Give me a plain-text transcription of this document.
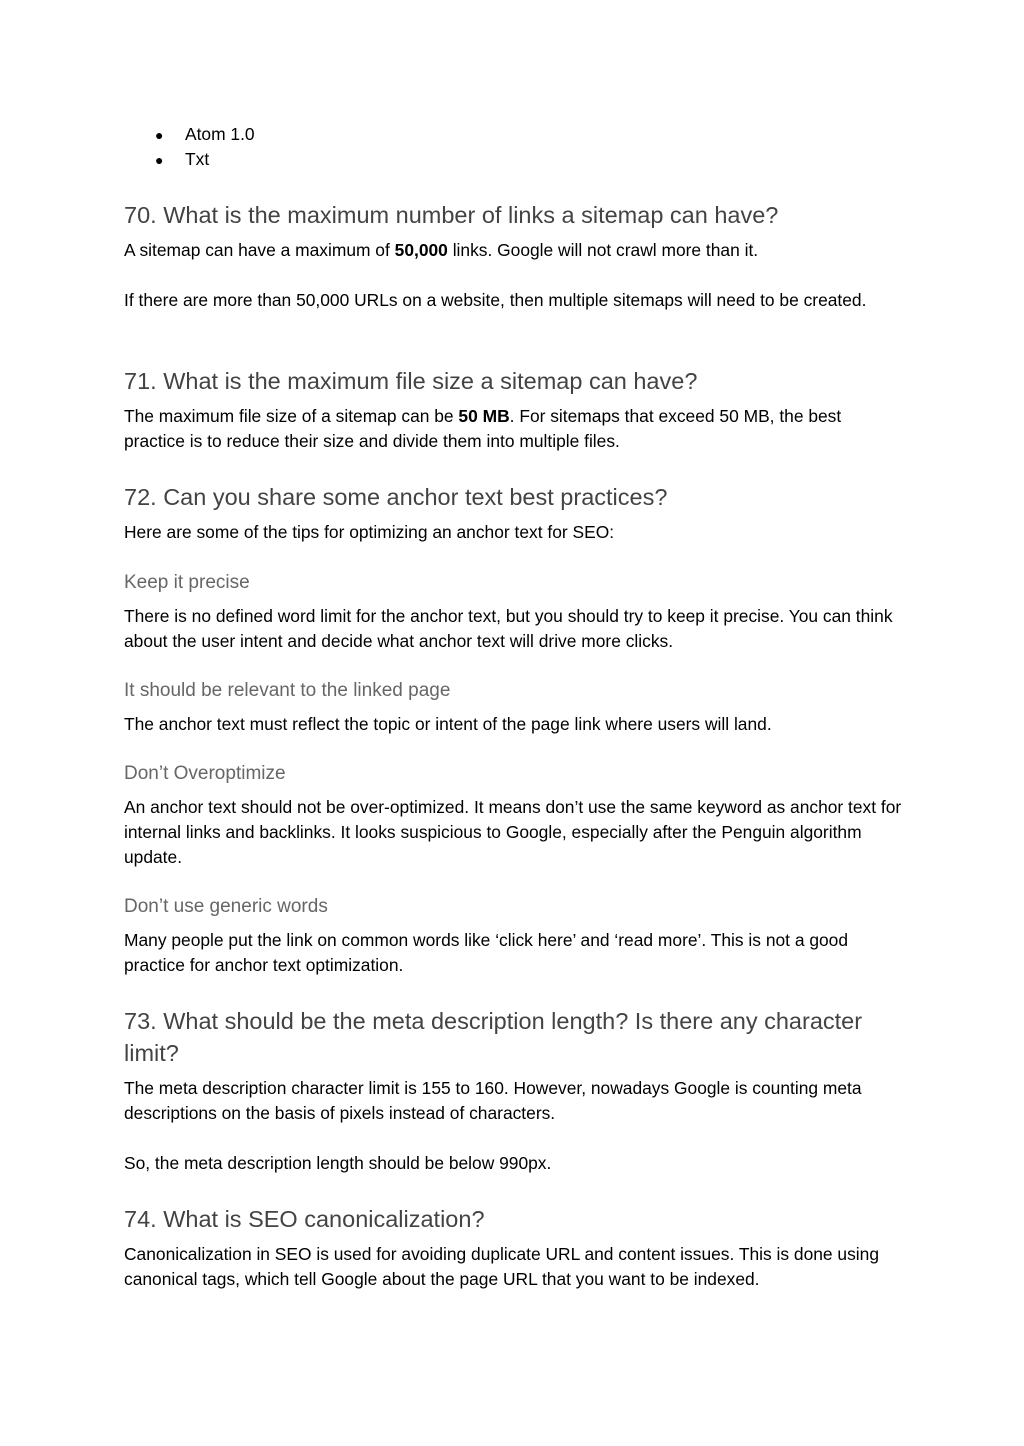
● Atom 1.0
● Txt
70. What is the maximum number of links a sitemap can have?

A sitemap can have a maximum of 50,000 links. Google will not crawl more than it.

If there are more than 50,000 URLs on a website, then multiple sitemaps will need to be created.

71. What is the maximum file size a sitemap can have?

The maximum file size of a sitemap can be 50 MB. For sitemaps that exceed 50 MB, the best practice is to reduce their size and divide them into multiple files.

72. Can you share some anchor text best practices?

Here are some of the tips for optimizing an anchor text for SEO:

Keep it precise

There is no defined word limit for the anchor text, but you should try to keep it precise. You can think about the user intent and decide what anchor text will drive more clicks.

It should be relevant to the linked page

The anchor text must reflect the topic or intent of the page link where users will land.

Don’t Overoptimize

An anchor text should not be over-optimized. It means don’t use the same keyword as anchor text for internal links and backlinks. It looks suspicious to Google, especially after the Penguin algorithm update.

Don’t use generic words

Many people put the link on common words like ‘click here’ and ‘read more’. This is not a good practice for anchor text optimization.

73. What should be the meta description length? Is there any character limit?

The meta description character limit is 155 to 160. However, nowadays Google is counting meta descriptions on the basis of pixels instead of characters.

So, the meta description length should be below 990px.

74. What is SEO canonicalization?

Canonicalization in SEO is used for avoiding duplicate URL and content issues. This is done using canonical tags, which tell Google about the page URL that you want to be indexed.
